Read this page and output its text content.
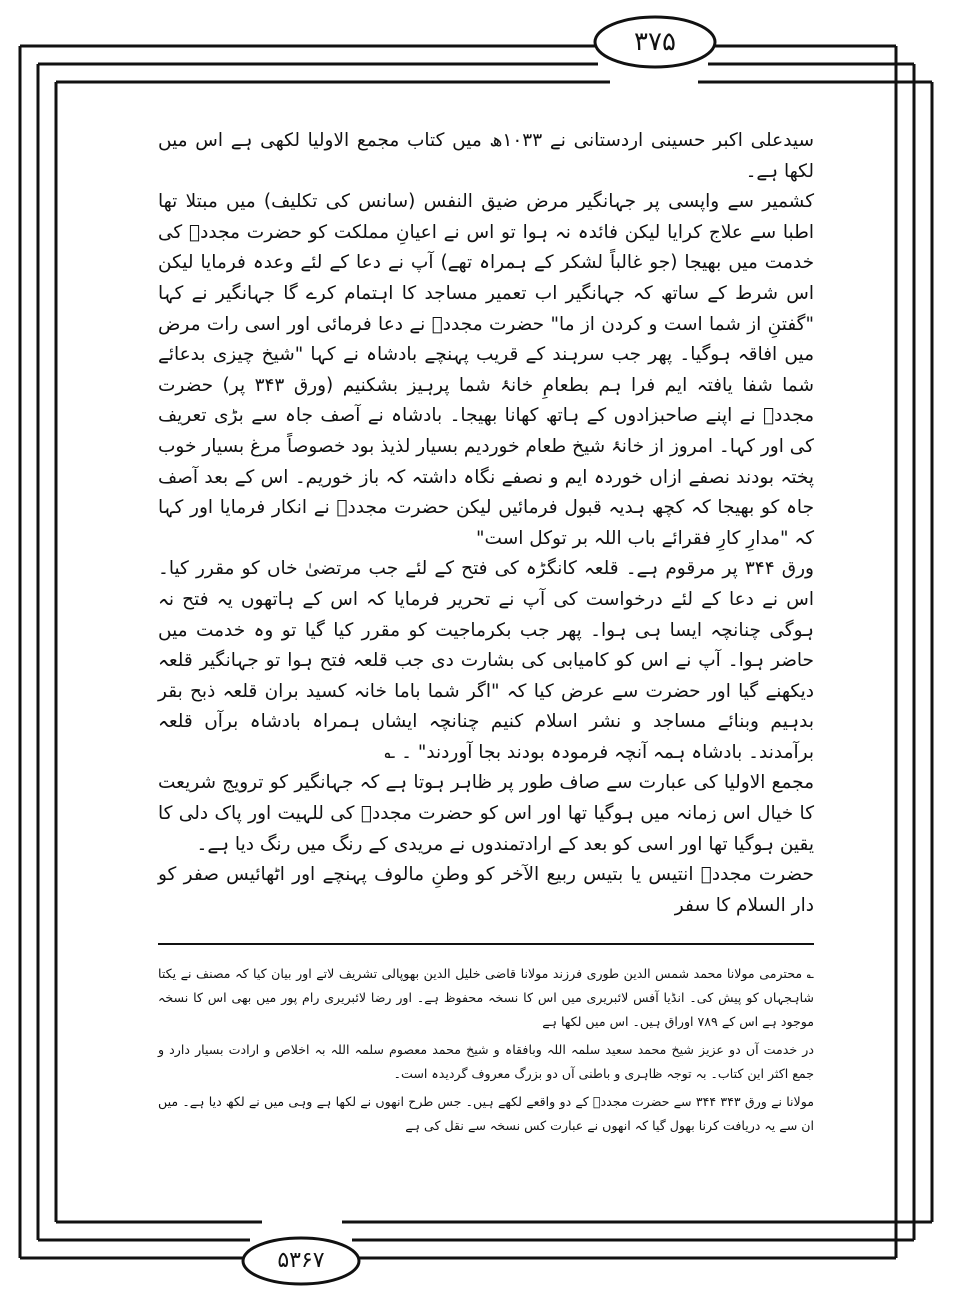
۳۷۵
۵۳۶۷

سیدعلی اکبر حسینی اردستانی نے ۱۰۳۳ھ میں کتاب مجمع الاولیا لکھی ہے اس میں لکھا ہے۔

کشمیر سے واپسی پر جہانگیر مرض ضیق النفس (سانس کی تکلیف) میں مبتلا تھا اطبا سے علاج کرایا لیکن فائدہ نہ ہوا تو اس نے اعیانِ مملکت کو حضرت مجددؒ کی خدمت میں بھیجا (جو غالباً لشکر کے ہمراہ تھے) آپ نے دعا کے لئے وعدہ فرمایا لیکن اس شرط کے ساتھ کہ جہانگیر اب تعمیر مساجد کا اہتمام کرے گا جہانگیر نے کہا "گفتنِ از شما است و کردن از ما" حضرت مجددؒ نے دعا فرمائی اور اسی رات مرض میں افاقہ ہوگیا۔ پھر جب سرہند کے قریب پہنچے بادشاہ نے کہا "شیخ چیزی بدعائے شما شفا یافتہ ایم فرا ہم بطعامِ خانۂ شما پرہیز بشکنیم (ورق ۳۴۳ پر) حضرت مجددؒ نے اپنے صاحبزادوں کے ہاتھ کھانا بھیجا۔ بادشاہ نے آصف جاہ سے بڑی تعریف کی اور کہا۔ امروز از خانۂ شیخ طعام خوردیم بسیار لذیذ بود خصوصاً مرغ بسیار خوب پختہ بودند نصفے ازاں خوردہ ایم و نصفے نگاہ داشتہ کہ باز خوریم۔ اس کے بعد آصف جاہ کو بھیجا کہ کچھ ہدیہ قبول فرمائیں لیکن حضرت مجددؒ نے انکار فرمایا اور کہا کہ "مدارِ کارِ فقرائے باب اللہ بر توکل است"

ورق ۳۴۴ پر مرقوم ہے۔ قلعہ کانگڑہ کی فتح کے لئے جب مرتضیٰ خاں کو مقرر کیا۔ اس نے دعا کے لئے درخواست کی آپ نے تحریر فرمایا کہ اس کے ہاتھوں یہ فتح نہ ہوگی چنانچہ ایسا ہی ہوا۔ پھر جب بکرماجیت کو مقرر کیا گیا تو وہ خدمت میں حاضر ہوا۔ آپ نے اس کو کامیابی کی بشارت دی جب قلعہ فتح ہوا تو جہانگیر قلعہ دیکھنے گیا اور حضرت سے عرض کیا کہ "اگر شما باما خانہ کسید بران قلعہ ذبح بقر بدہیم وبنائے مساجد و نشر اسلام کنیم چنانچہ ایشاں ہمراہ بادشاہ برآں قلعہ برآمدند۔ بادشاہ ہمہ آنچہ فرمودہ بودند بجا آوردند" ۔ ؎

مجمع الاولیا کی عبارت سے صاف طور پر ظاہر ہوتا ہے کہ جہانگیر کو ترویج شریعت کا خیال اس زمانہ میں ہوگیا تھا اور اس کو حضرت مجددؒ کی للہیت اور پاک دلی کا یقین ہوگیا تھا اور اسی کو بعد کے ارادتمندوں نے مریدی کے رنگ میں رنگ دیا ہے۔

حضرت مجددؒ انتیس یا بتیس ربیع الآخر کو وطنِ مالوف پہنچے اور اٹھائیس صفر کو دار السلام کا سفر

؎ محترمی مولانا محمد شمس الدین طوری فرزند مولانا قاضی خلیل الدین بھوپالی تشریف لاتے اور بیان کیا کہ مصنف نے یکتا شاہجہاں کو پیش کی۔ انڈیا آفس لائبریری میں اس کا نسخہ محفوظ ہے۔ اور رضا لائبریری رام پور میں بھی اس کا نسخہ موجود ہے اس کے ۷۸۹ اوراق ہیں۔ اس میں لکھا ہے

در خدمت آں دو عزیز شیخ محمد سعید سلمہ اللہ وبافقاہ و شیخ محمد معصوم سلمہ اللہ بہ اخلاص و ارادت بسیار دارد و جمع اکثر این کتاب۔ بہ توجہ ظاہری و باطنی آں دو بزرگ معروف گردیدہ است۔

مولانا نے ورق ۳۴۳ ۳۴۴ سے حضرت مجددؒ کے دو واقعے لکھے ہیں۔ جس طرح انھوں نے لکھا ہے وہی میں نے لکھ دیا ہے۔ میں ان سے یہ دریافت کرنا بھول گیا کہ انھوں نے عبارت کس نسخہ سے نقل کی ہے
